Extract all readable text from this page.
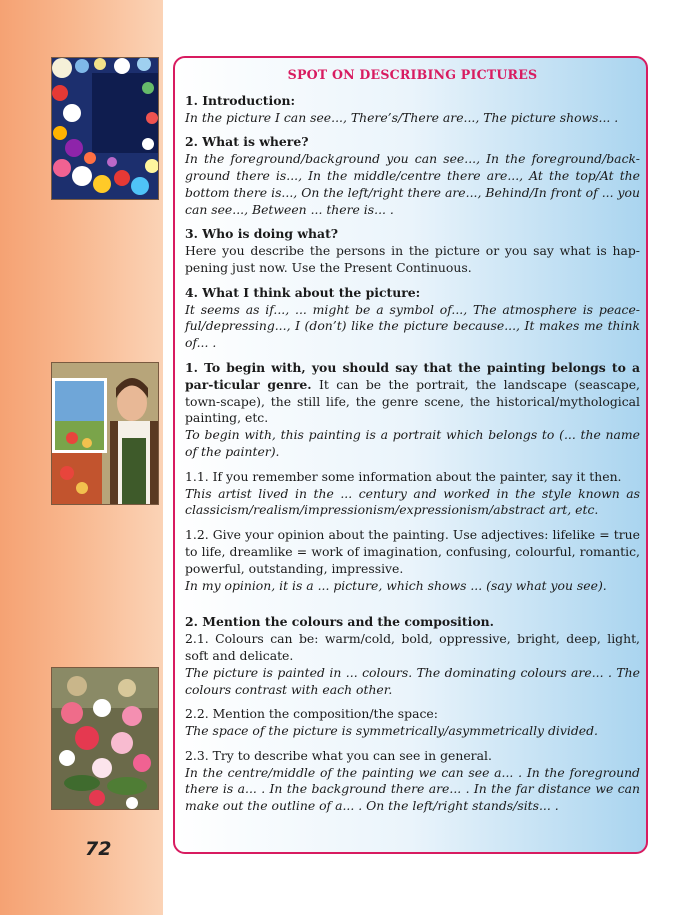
72
SPOT ON DESCRIBING PICTURES

1. Introduction:

In the picture I can see..., There’s/There are..., The picture shows... .

2. What is where?

In the foreground/background you can see..., In the foreground/back-ground there is..., In the middle/centre there are..., At the top/At the bottom there is..., On the left/right there are..., Behind/In front of ... you can see..., Between ... there is... .

3. Who is doing what?

Here you describe the persons in the picture or you say what is hap-pening just now. Use the Present Continuous.

4. What I think about the picture:

It seems as if..., ... might be a symbol of..., The atmosphere is peace-ful/depressing..., I (don’t) like the picture because..., It makes me think of... .

1. To begin with, you should say that the painting belongs to a par-ticular genre. It can be the portrait, the landscape (seascape, town-scape), the still life, the genre scene, the historical/mythological painting, etc.

To begin with, this painting is a portrait which belongs to (... the name of the painter).

1.1. If you remember some information about the painter, say it then.

This artist lived in the ... century and worked in the style known as classicism/realism/impressionism/expressionism/abstract art, etc.

1.2. Give your opinion about the painting. Use adjectives: lifelike = true to life, dreamlike = work of imagination, confusing, colourful, romantic, powerful, outstanding, impressive.

In my opinion, it is a ... picture, which shows ... (say what you see).

2. Mention the colours and the composition.

2.1. Colours can be: warm/cold, bold, oppressive, bright, deep, light, soft and delicate.

The picture is painted in ... colours. The dominating colours are... . The colours contrast with each other.

2.2. Mention the composition/the space:

The space of the picture is symmetrically/asymmetrically divided.

2.3. Try to describe what you can see in general.

In the centre/middle of the painting we can see a... . In the foreground there is a... . In the background there are... . In the far distance we can make out the outline of a... . On the left/right stands/sits... .
